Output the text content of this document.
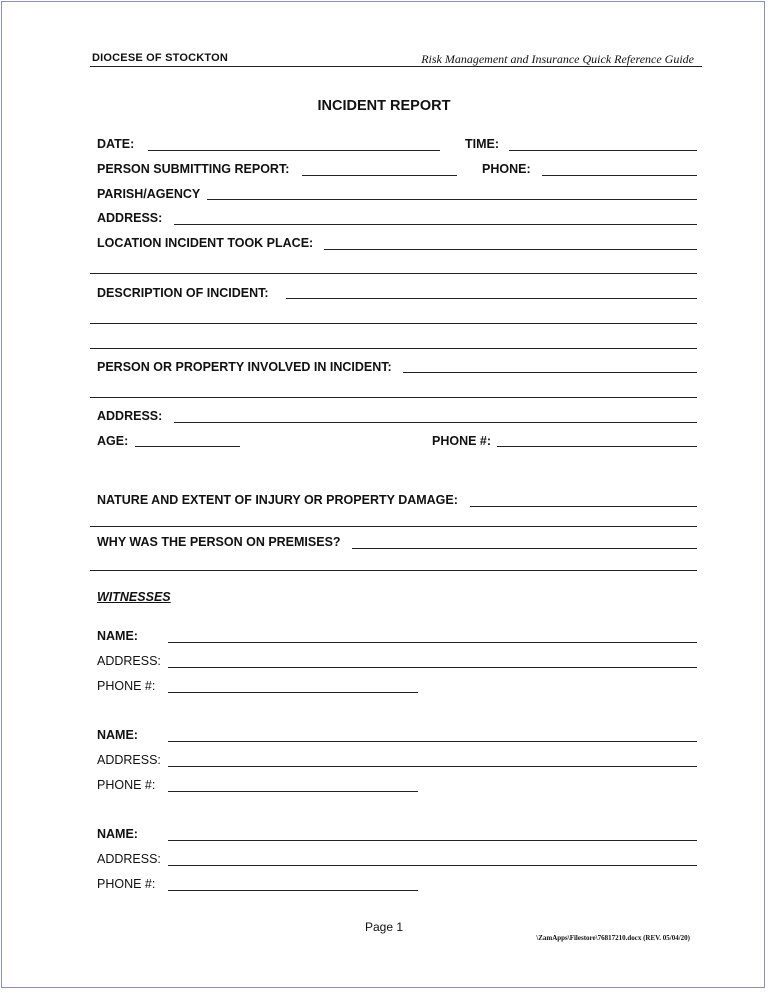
DIOCESE OF STOCKTON	Risk Management and Insurance Quick Reference Guide
INCIDENT REPORT
DATE:	TIME:
PERSON SUBMITTING REPORT:	PHONE:
PARISH/AGENCY
ADDRESS:
LOCATION INCIDENT TOOK PLACE:
DESCRIPTION OF INCIDENT:
PERSON OR PROPERTY INVOLVED IN INCIDENT:
ADDRESS:
AGE:	PHONE #:
NATURE AND EXTENT OF INJURY OR PROPERTY DAMAGE:
WHY WAS THE PERSON ON PREMISES?
WITNESSES
NAME:
ADDRESS:
PHONE #:
NAME:
ADDRESS:
PHONE #:
NAME:
ADDRESS:
PHONE #:
Page 1
\ZamApps\Filestore\76817210.docx (REV. 05/04/20)
